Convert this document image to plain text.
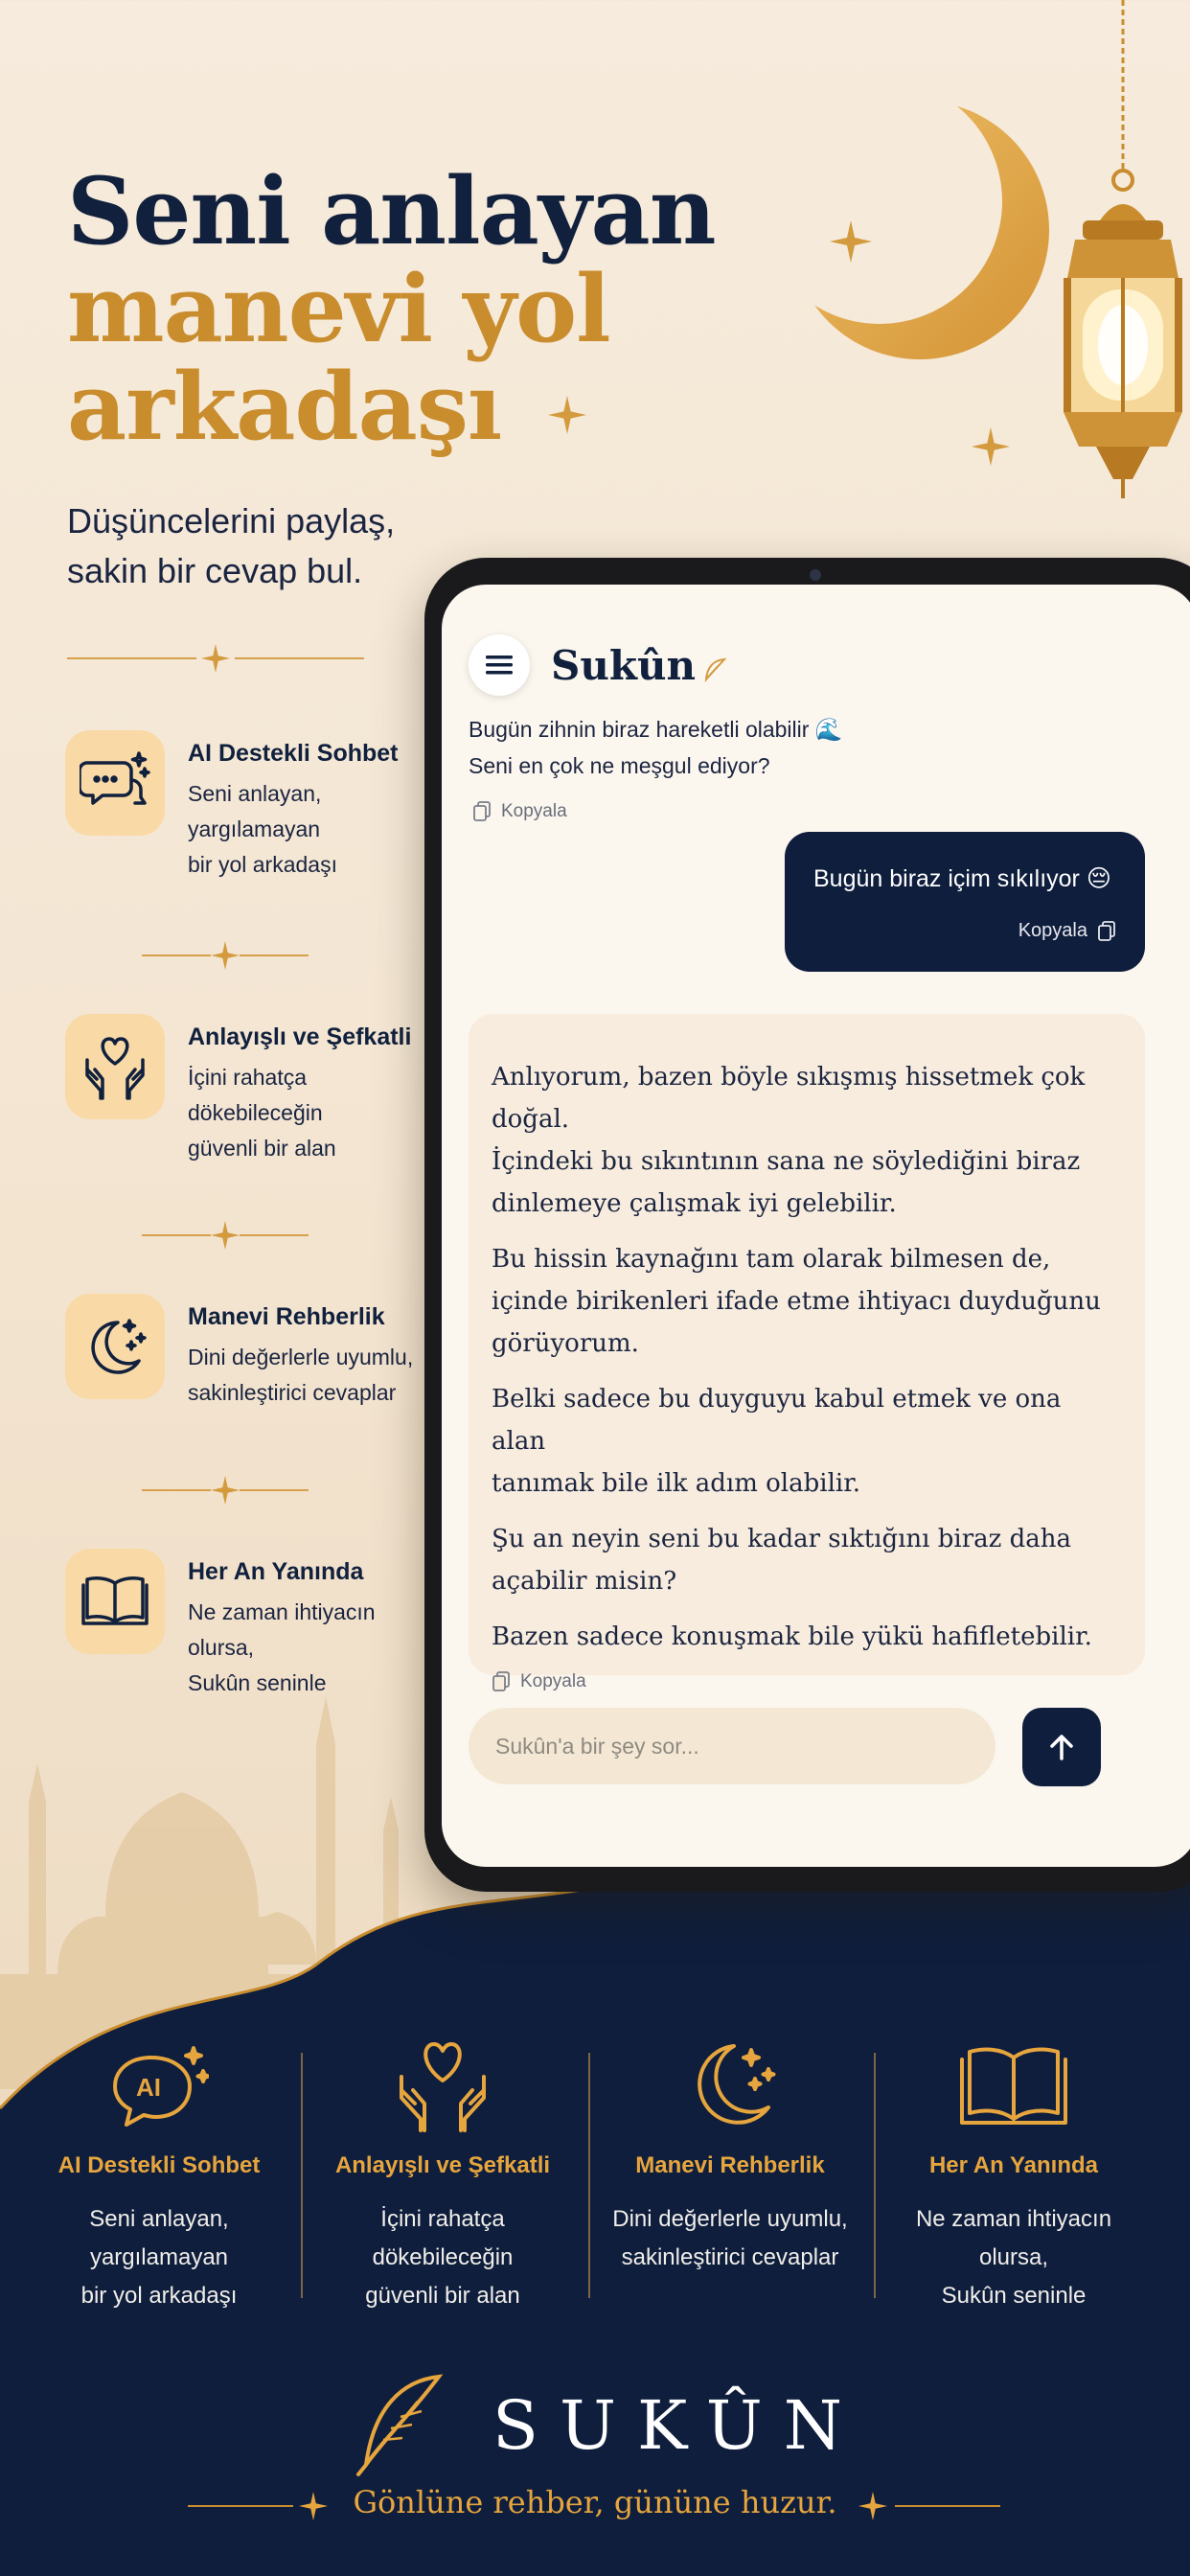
Seni anlayan
manevi yol
arkadaşı
Düşüncelerini paylaş,
sakin bir cevap bul.
AI Destekli Sohbet
Seni anlayan,
yargılamayan
bir yol arkadaşı
Anlayışlı ve Şefkatli
İçini rahatça
dökebileceğin
güvenli bir alan
Manevi Rehberlik
Dini değerlerle uyumlu,
sakinleştirici cevaplar
Her An Yanında
Ne zaman ihtiyacın
olursa,
Sukûn seninle
Sukûn
Bugün zihnin biraz hareketli olabilir 🌊
Seni en çok ne meşgul ediyor?
Kopyala
Bugün biraz içim sıkılıyor 😔
Kopyala

Anlıyorum, bazen böyle sıkışmış hissetmek çok doğal.
İçindeki bu sıkıntının sana ne söylediğini biraz
dinlemeye çalışmak iyi gelebilir.

Bu hissin kaynağını tam olarak bilmesen de,
içinde birikenleri ifade etme ihtiyacı duyduğunu
görüyorum.

Belki sadece bu duyguyu kabul etmek ve ona alan
tanımak bile ilk adım olabilir.

Şu an neyin seni bu kadar sıktığını biraz daha
açabilir misin?

Bazen sadece konuşmak bile yükü hafifletebilir.

Kopyala
Sukûn'a bir şey sor...
AI
AI Destekli Sohbet
Seni anlayan,
yargılamayan
bir yol arkadaşı
Anlayışlı ve Şefkatli
İçini rahatça
dökebileceğin
güvenli bir alan
Manevi Rehberlik
Dini değerlerle uyumlu,
sakinleştirici cevaplar
Her An Yanında
Ne zaman ihtiyacın
olursa,
Sukûn seninle
SUKÛN
Gönlüne rehber, gününe huzur.
